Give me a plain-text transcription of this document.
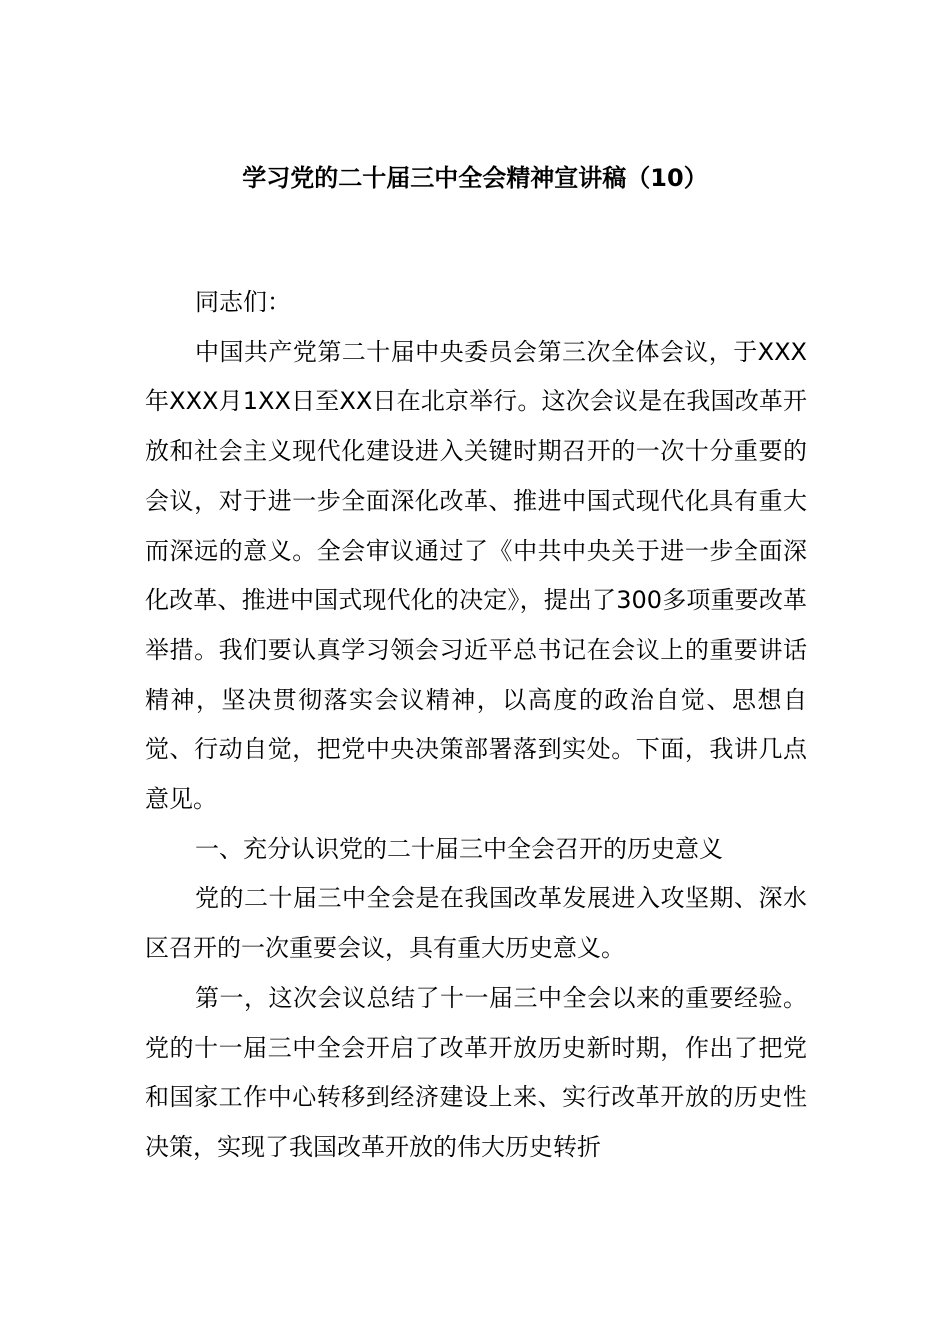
学习党的二十届三中全会精神宣讲稿（10）

同志们：

中国共产党第二十届中央委员会第三次全体会议，于XXX年XXX月1XX日至XX日在北京举行。这次会议是在我国改革开放和社会主义现代化建设进入关键时期召开的一次十分重要的会议，对于进一步全面深化改革、推进中国式现代化具有重大而深远的意义。全会审议通过了《中共中央关于进一步全面深化改革、推进中国式现代化的决定》，提出了300多项重要改革举措。我们要认真学习领会习近平总书记在会议上的重要讲话精神，坚决贯彻落实会议精神，以高度的政治自觉、思想自觉、行动自觉，把党中央决策部署落到实处。下面，我讲几点意见。

一、充分认识党的二十届三中全会召开的历史意义

党的二十届三中全会是在我国改革发展进入攻坚期、深水区召开的一次重要会议，具有重大历史意义。

第一，这次会议总结了十一届三中全会以来的重要经验。党的十一届三中全会开启了改革开放历史新时期，作出了把党和国家工作中心转移到经济建设上来、实行改革开放的历史性决策，实现了我国改革开放的伟大历史转折
